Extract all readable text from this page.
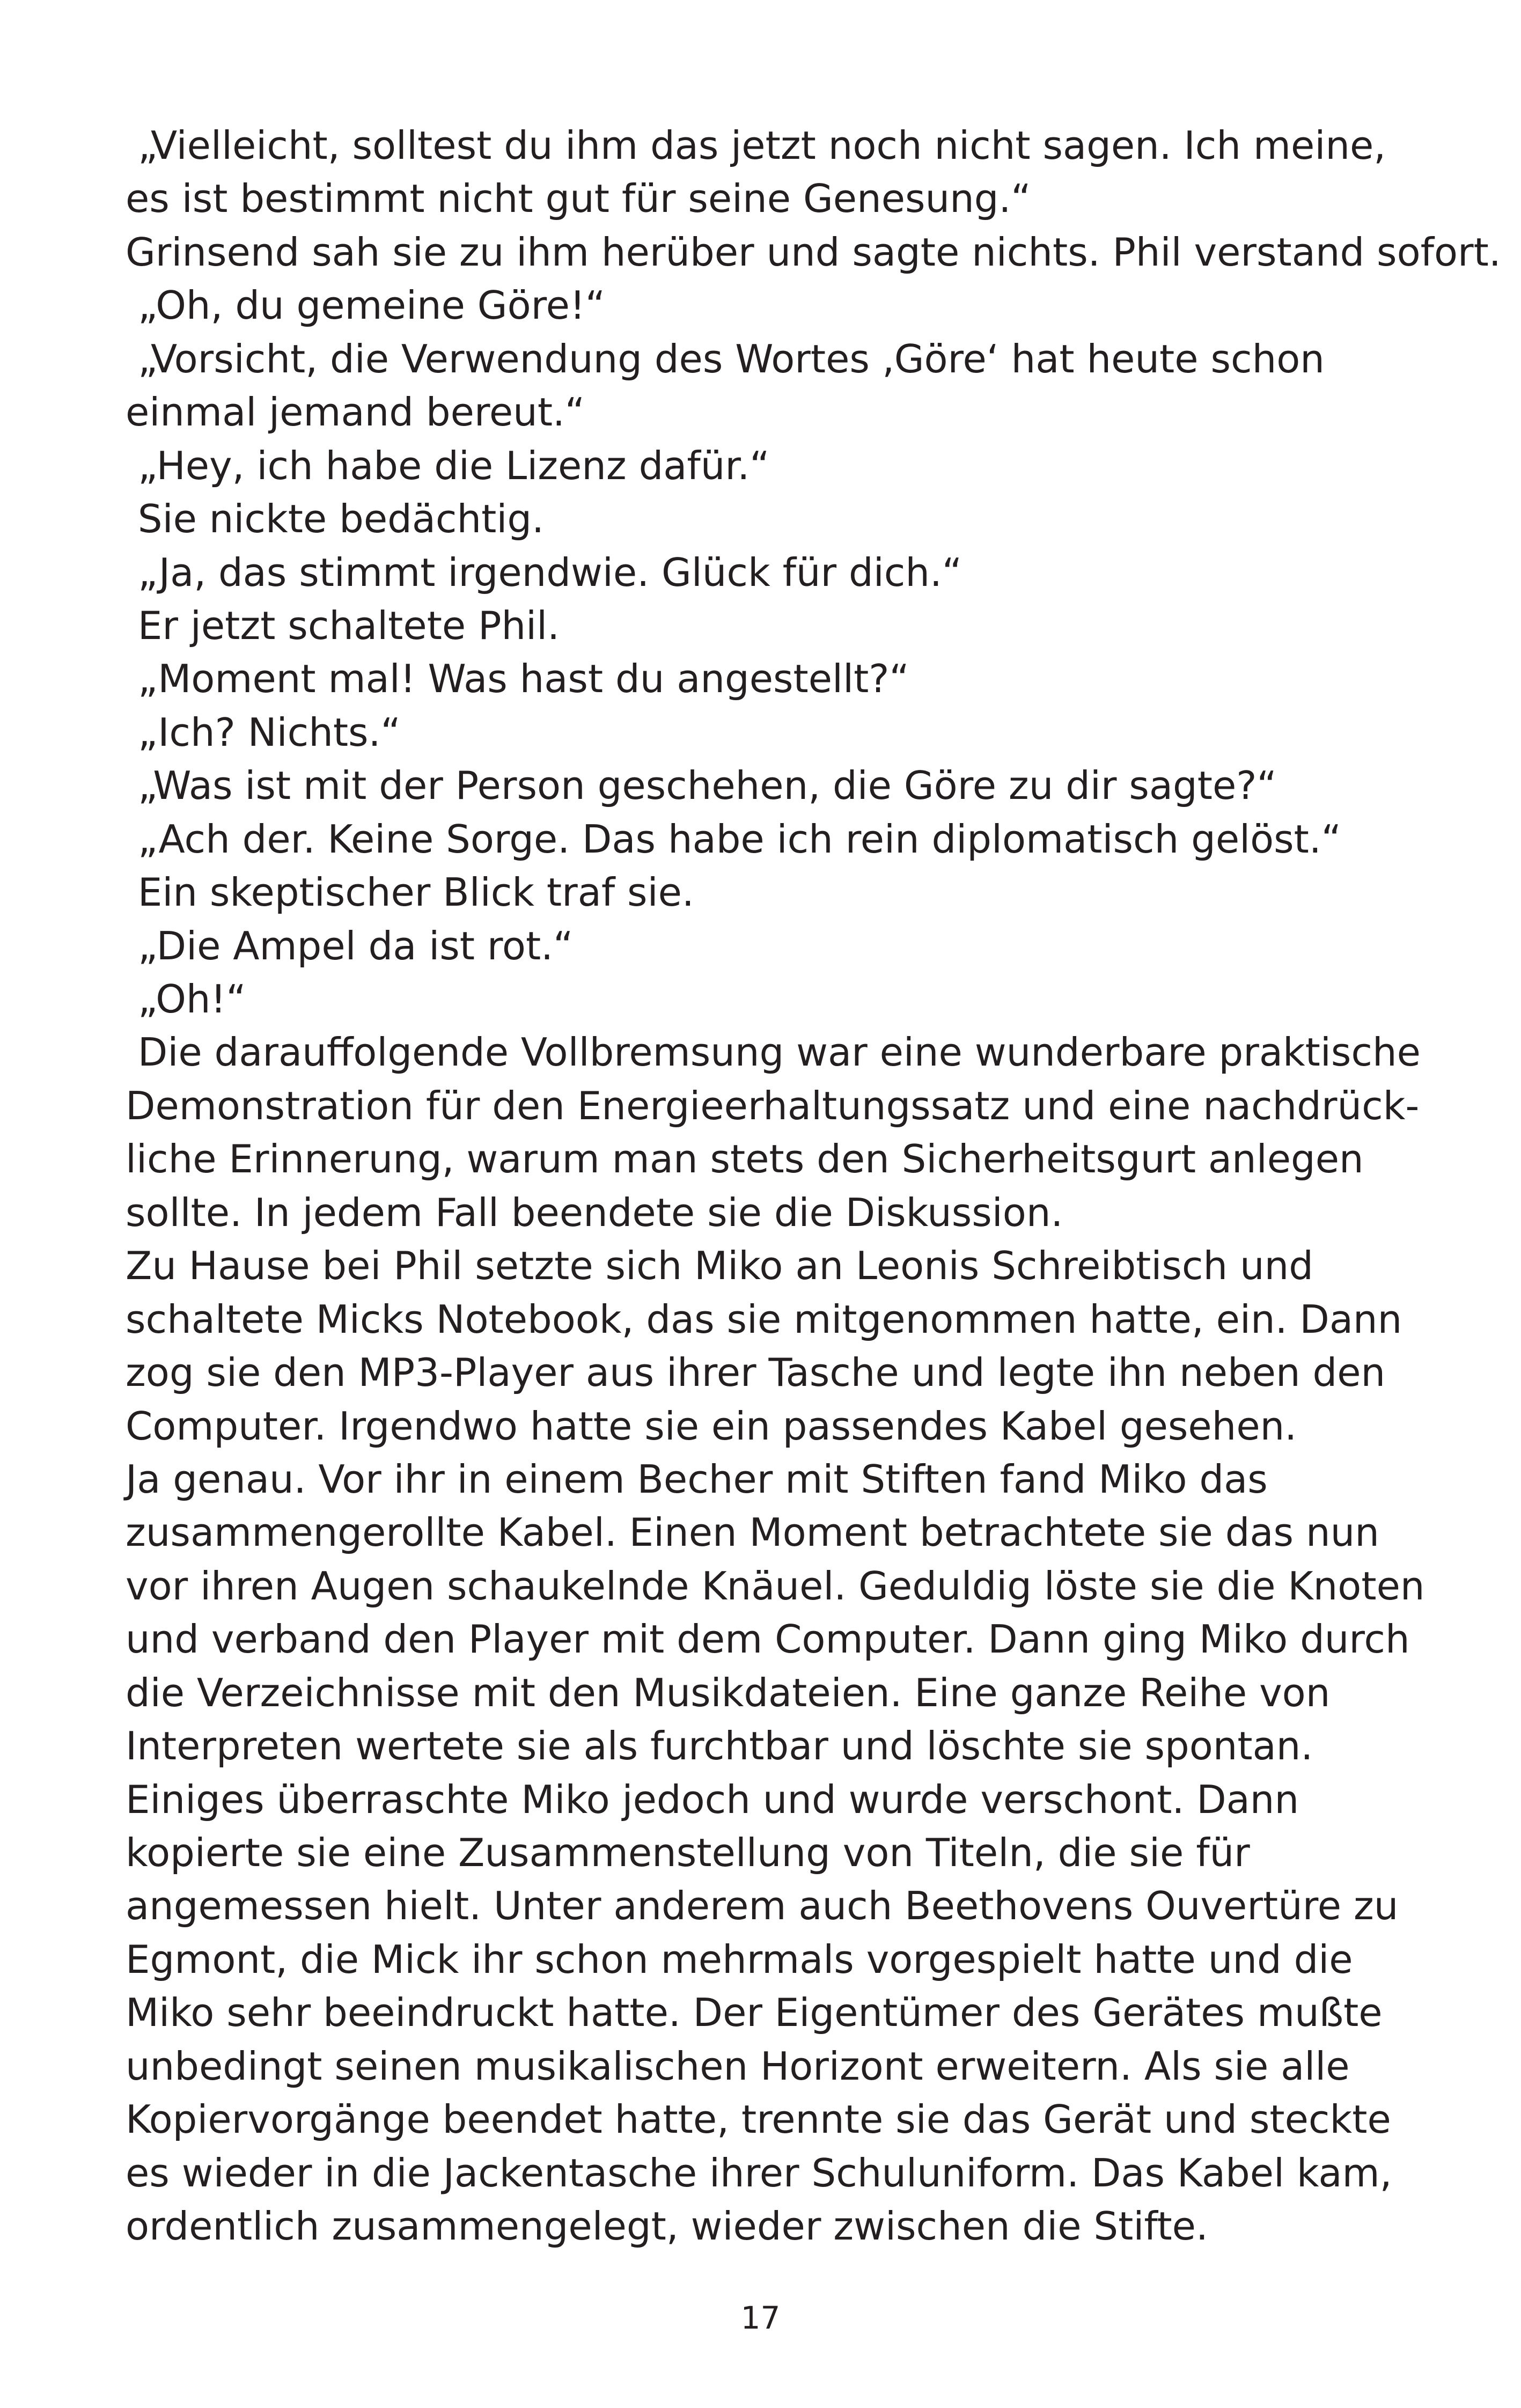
„Vielleicht, solltest du ihm das jetzt noch nicht sagen. Ich meine,
es ist bestimmt nicht gut für seine Genesung.“
Grinsend sah sie zu ihm herüber und sagte nichts. Phil verstand sofort.
„Oh, du gemeine Göre!“
„Vorsicht, die Verwendung des Wortes ‚Göre‘ hat heute schon
einmal jemand bereut.“
„Hey, ich habe die Lizenz dafür.“
Sie nickte bedächtig.
„Ja, das stimmt irgendwie. Glück für dich.“
Er jetzt schaltete Phil.
„Moment mal! Was hast du angestellt?“
„Ich? Nichts.“
„Was ist mit der Person geschehen, die Göre zu dir sagte?“
„Ach der. Keine Sorge. Das habe ich rein diplomatisch gelöst.“
Ein skeptischer Blick traf sie.
„Die Ampel da ist rot.“
„Oh!“
Die darauffolgende Vollbremsung war eine wunderbare praktische
Demonstration für den Energieerhaltungssatz und eine nachdrück-
liche Erinnerung, warum man stets den Sicherheitsgurt anlegen
sollte. In jedem Fall beendete sie die Diskussion.
Zu Hause bei Phil setzte sich Miko an Leonis Schreibtisch und
schaltete Micks Notebook, das sie mitgenommen hatte, ein. Dann
zog sie den MP3-Player aus ihrer Tasche und legte ihn neben den
Computer. Irgendwo hatte sie ein passendes Kabel gesehen.
Ja genau. Vor ihr in einem Becher mit Stiften fand Miko das
zusammengerollte Kabel. Einen Moment betrachtete sie das nun
vor ihren Augen schaukelnde Knäuel. Geduldig löste sie die Knoten
und verband den Player mit dem Computer. Dann ging Miko durch
die Verzeichnisse mit den Musikdateien. Eine ganze Reihe von
Interpreten wertete sie als furchtbar und löschte sie spontan.
Einiges überraschte Miko jedoch und wurde verschont. Dann
kopierte sie eine Zusammenstellung von Titeln, die sie für
angemessen hielt. Unter anderem auch Beethovens Ouvertüre zu
Egmont, die Mick ihr schon mehrmals vorgespielt hatte und die
Miko sehr beeindruckt hatte. Der Eigentümer des Gerätes mußte
unbedingt seinen musikalischen Horizont erweitern. Als sie alle
Kopiervorgänge beendet hatte, trennte sie das Gerät und steckte
es wieder in die Jackentasche ihrer Schuluniform. Das Kabel kam,
ordentlich zusammengelegt, wieder zwischen die Stifte.
17
